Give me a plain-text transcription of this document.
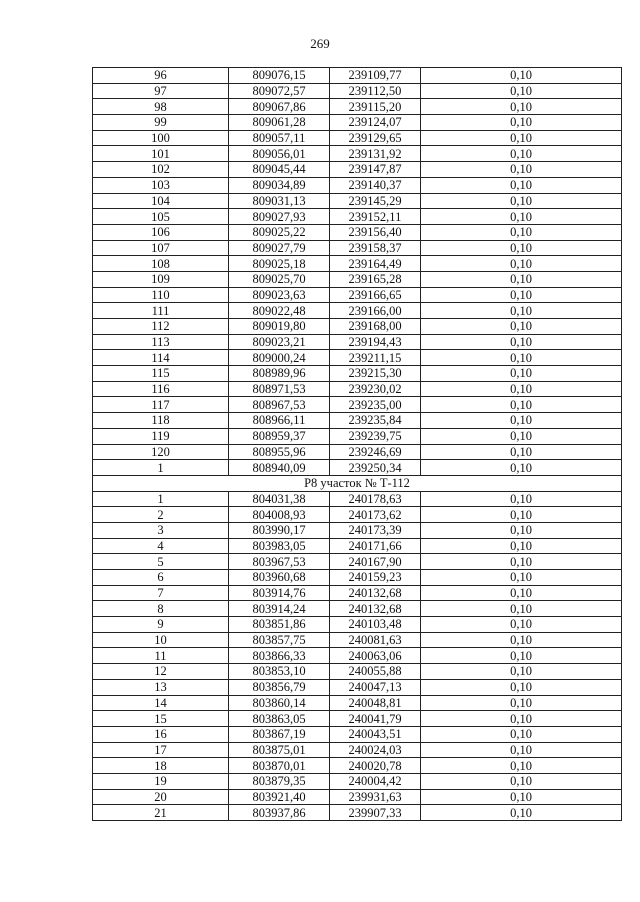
269
96	809076,15	239109,77	0,10
97	809072,57	239112,50	0,10
98	809067,86	239115,20	0,10
99	809061,28	239124,07	0,10
100	809057,11	239129,65	0,10
101	809056,01	239131,92	0,10
102	809045,44	239147,87	0,10
103	809034,89	239140,37	0,10
104	809031,13	239145,29	0,10
105	809027,93	239152,11	0,10
106	809025,22	239156,40	0,10
107	809027,79	239158,37	0,10
108	809025,18	239164,49	0,10
109	809025,70	239165,28	0,10
110	809023,63	239166,65	0,10
111	809022,48	239166,00	0,10
112	809019,80	239168,00	0,10
113	809023,21	239194,43	0,10
114	809000,24	239211,15	0,10
115	808989,96	239215,30	0,10
116	808971,53	239230,02	0,10
117	808967,53	239235,00	0,10
118	808966,11	239235,84	0,10
119	808959,37	239239,75	0,10
120	808955,96	239246,69	0,10
1	808940,09	239250,34	0,10
Р8 участок № Т-112			
1	804031,38	240178,63	0,10
2	804008,93	240173,62	0,10
3	803990,17	240173,39	0,10
4	803983,05	240171,66	0,10
5	803967,53	240167,90	0,10
6	803960,68	240159,23	0,10
7	803914,76	240132,68	0,10
8	803914,24	240132,68	0,10
9	803851,86	240103,48	0,10
10	803857,75	240081,63	0,10
11	803866,33	240063,06	0,10
12	803853,10	240055,88	0,10
13	803856,79	240047,13	0,10
14	803860,14	240048,81	0,10
15	803863,05	240041,79	0,10
16	803867,19	240043,51	0,10
17	803875,01	240024,03	0,10
18	803870,01	240020,78	0,10
19	803879,35	240004,42	0,10
20	803921,40	239931,63	0,10
21	803937,86	239907,33	0,10
